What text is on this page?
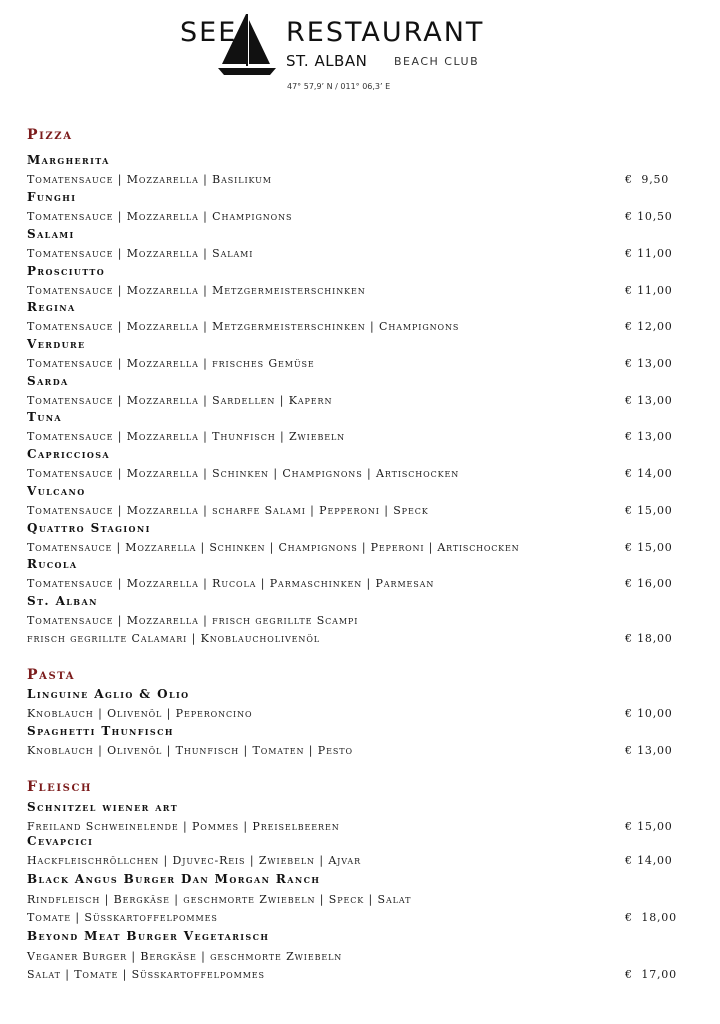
SEE RESTAURANT
ST. ALBAN BEACH CLUB
47° 57,9’ N / 011° 06,3’ E
Pizza
Margherita
Tomatensauce | Mozzarella | Basilikum	€  9,50
Funghi
Tomatensauce | Mozzarella | Champignons	€ 10,50
Salami
Tomatensauce | Mozzarella | Salami	€ 11,00
Prosciutto
Tomatensauce | Mozzarella | Metzgermeisterschinken	€ 11,00
Regina
Tomatensauce | Mozzarella | Metzgermeisterschinken | Champignons	€ 12,00
Verdure
Tomatensauce | Mozzarella | frisches Gemüse	€ 13,00
Sarda
Tomatensauce | Mozzarella | Sardellen | Kapern	€ 13,00
Tuna
Tomatensauce | Mozzarella | Thunfisch | Zwiebeln	€ 13,00
Capricciosa
Tomatensauce | Mozzarella | Schinken | Champignons | Artischocken	€ 14,00
Vulcano
Tomatensauce | Mozzarella | scharfe Salami | Pepperoni | Speck	€ 15,00
Quattro Stagioni
Tomatensauce | Mozzarella | Schinken | Champignons | Peperoni | Artischocken	€ 15,00
Rucola
Tomatensauce | Mozzarella | Rucola | Parmaschinken | Parmesan	€ 16,00
St. Alban
Tomatensauce | Mozzarella | frisch gegrillte Scampi
frisch gegrillte Calamari | Knoblaucholivenöl	€ 18,00
Pasta
Linguine Aglio & Olio
Knoblauch | Olivenöl | Peperoncino	€ 10,00
Spaghetti Thunfisch
Knoblauch | Olivenöl | Thunfisch | Tomaten | Pesto	€ 13,00
Fleisch
Schnitzel wiener art
Freiland Schweinelende | Pommes | Preiselbeeren	€ 15,00
Cevapcici
Hackfleischröllchen | Djuvec-Reis | Zwiebeln | Ajvar	€ 14,00
Black Angus Burger Dan Morgan Ranch
Rindfleisch | Bergkäse | geschmorte Zwiebeln | Speck | Salat
Tomate | Süsskartoffelpommes	€  18,00
Beyond Meat Burger Vegetarisch
Veganer Burger | Bergkäse | geschmorte Zwiebeln
Salat | Tomate | Süsskartoffelpommes	€  17,00
